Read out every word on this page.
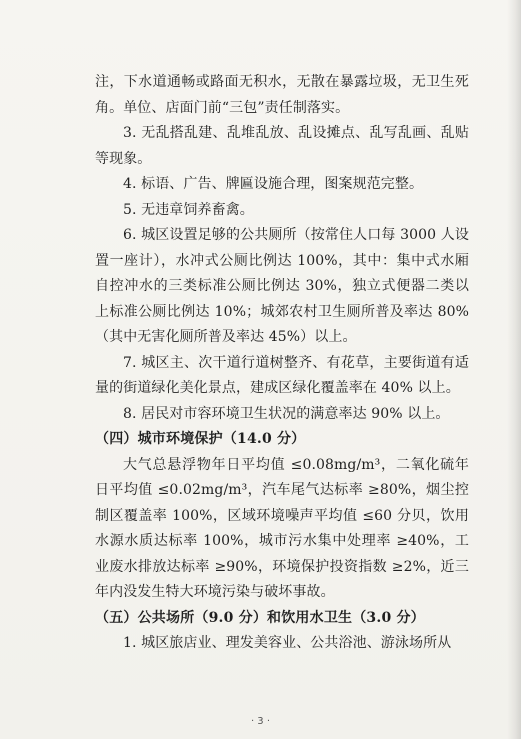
注，下水道通畅或路面无积水，无散在暴露垃圾，无卫生死角。单位、店面门前“三包”责任制落实。

3. 无乱搭乱建、乱堆乱放、乱设摊点、乱写乱画、乱贴等现象。

4. 标语、广告、牌匾设施合理，图案规范完整。

5. 无违章饲养畜禽。

6. 城区设置足够的公共厕所（按常住人口每 3000 人设置一座计），水冲式公厕比例达 100%，其中：集中式水厢自控冲水的三类标准公厕比例达 30%，独立式便器二类以上标准公厕比例达 10%；城郊农村卫生厕所普及率达 80%（其中无害化厕所普及率达 45%）以上。

7. 城区主、次干道行道树整齐、有花草，主要街道有适量的街道绿化美化景点，建成区绿化覆盖率在 40% 以上。

8. 居民对市容环境卫生状况的满意率达 90% 以上。

（四）城市环境保护（14.0 分）

大气总悬浮物年日平均值 ≤0.08mg/m³，二氧化硫年日平均值 ≤0.02mg/m³，汽车尾气达标率 ≥80%，烟尘控制区覆盖率 100%，区域环境噪声平均值 ≤60 分贝，饮用水源水质达标率 100%，城市污水集中处理率 ≥40%，工业废水排放达标率 ≥90%，环境保护投资指数 ≥2%，近三年内没发生特大环境污染与破坏事故。

（五）公共场所（9.0 分）和饮用水卫生（3.0 分）

1. 城区旅店业、理发美容业、公共浴池、游泳场所从

· 3 ·
